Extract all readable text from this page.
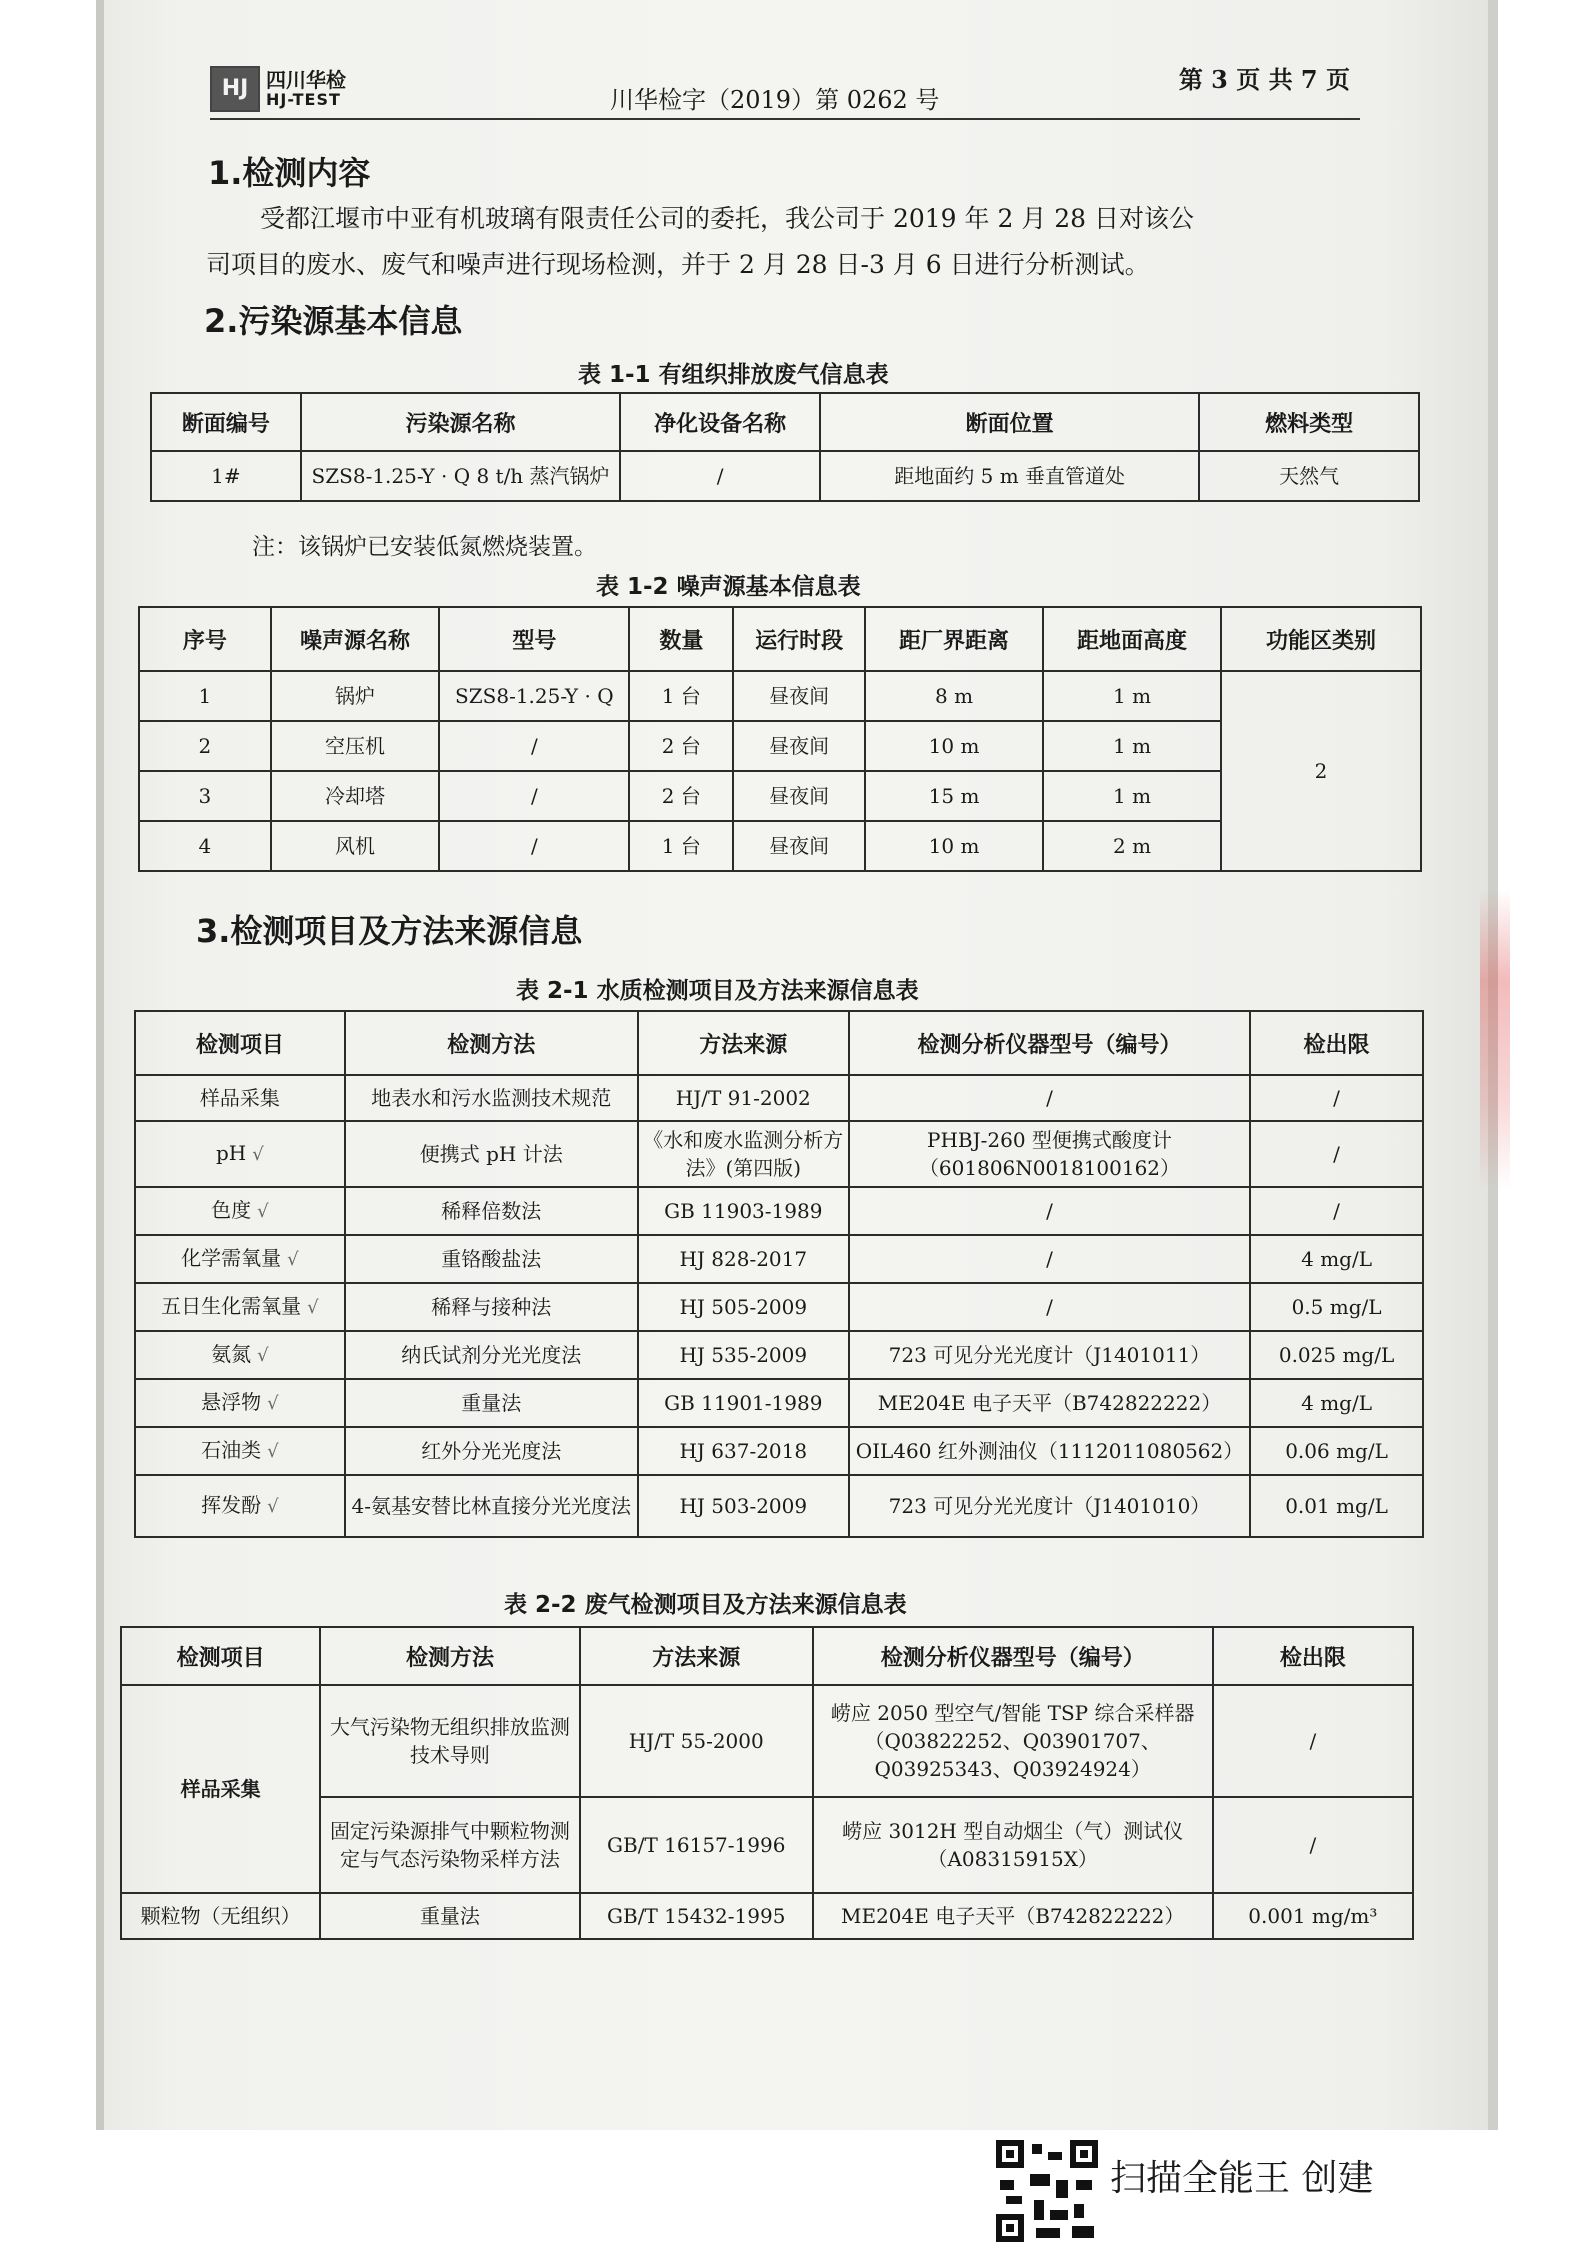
HJ 四川华检
HJ-TEST	川华检字（2019）第 0262 号
第 3 页 共 7 页
1.检测内容
受都江堰市中亚有机玻璃有限责任公司的委托，我公司于 2019 年 2 月 28 日对该公
司项目的废水、废气和噪声进行现场检测，并于 2 月 28 日-3 月 6 日进行分析测试。
2.污染源基本信息
表 1-1 有组织排放废气信息表
断面编号	污染源名称	净化设备名称	断面位置	燃料类型
1#	SZS8-1.25-Y · Q 8 t/h 蒸汽锅炉	/	距地面约 5 m 垂直管道处	天然气
注：该锅炉已安装低氮燃烧装置。
表 1-2 噪声源基本信息表
序号	噪声源名称	型号	数量	运行时段	距厂界距离	距地面高度	功能区类别
1	锅炉	SZS8-1.25-Y · Q	1 台	昼夜间	8 m	1 m	2
2	空压机	/	2 台	昼夜间	10 m	1 m	
3	冷却塔	/	2 台	昼夜间	15 m	1 m	
4	风机	/	1 台	昼夜间	10 m	2 m	
3.检测项目及方法来源信息
表 2-1 水质检测项目及方法来源信息表
检测项目	检测方法	方法来源	检测分析仪器型号（编号）	检出限
样品采集	地表水和污水监测技术规范	HJ/T 91-2002	/	/
pH √	便携式 pH 计法	《水和废水监测分析方法》(第四版)	PHBJ-260 型便携式酸度计（601806N0018100162）	/
色度 √	稀释倍数法	GB 11903-1989	/	/
化学需氧量 √	重铬酸盐法	HJ 828-2017	/	4 mg/L
五日生化需氧量 √	稀释与接种法	HJ 505-2009	/	0.5 mg/L
氨氮 √	纳氏试剂分光光度法	HJ 535-2009	723 可见分光光度计（J1401011）	0.025 mg/L
悬浮物 √	重量法	GB 11901-1989	ME204E 电子天平（B742822222）	4 mg/L
石油类 √	红外分光光度法	HJ 637-2018	OIL460 红外测油仪（1112011080562）	0.06 mg/L
挥发酚 √	4-氨基安替比林直接分光光度法	HJ 503-2009	723 可见分光光度计（J1401010）	0.01 mg/L
表 2-2 废气检测项目及方法来源信息表
检测项目	检测方法	方法来源	检测分析仪器型号（编号）	检出限
样品采集	大气污染物无组织排放监测技术导则	HJ/T 55-2000	崂应 2050 型空气/智能 TSP 综合采样器（Q03822252、Q03901707、Q03925343、Q03924924）	/
	固定污染源排气中颗粒物测定与气态污染物采样方法	GB/T 16157-1996	崂应 3012H 型自动烟尘（气）测试仪（A08315915X）	/
颗粒物（无组织）	重量法	GB/T 15432-1995	ME204E 电子天平（B742822222）	0.001 mg/m³
扫描全能王 创建
